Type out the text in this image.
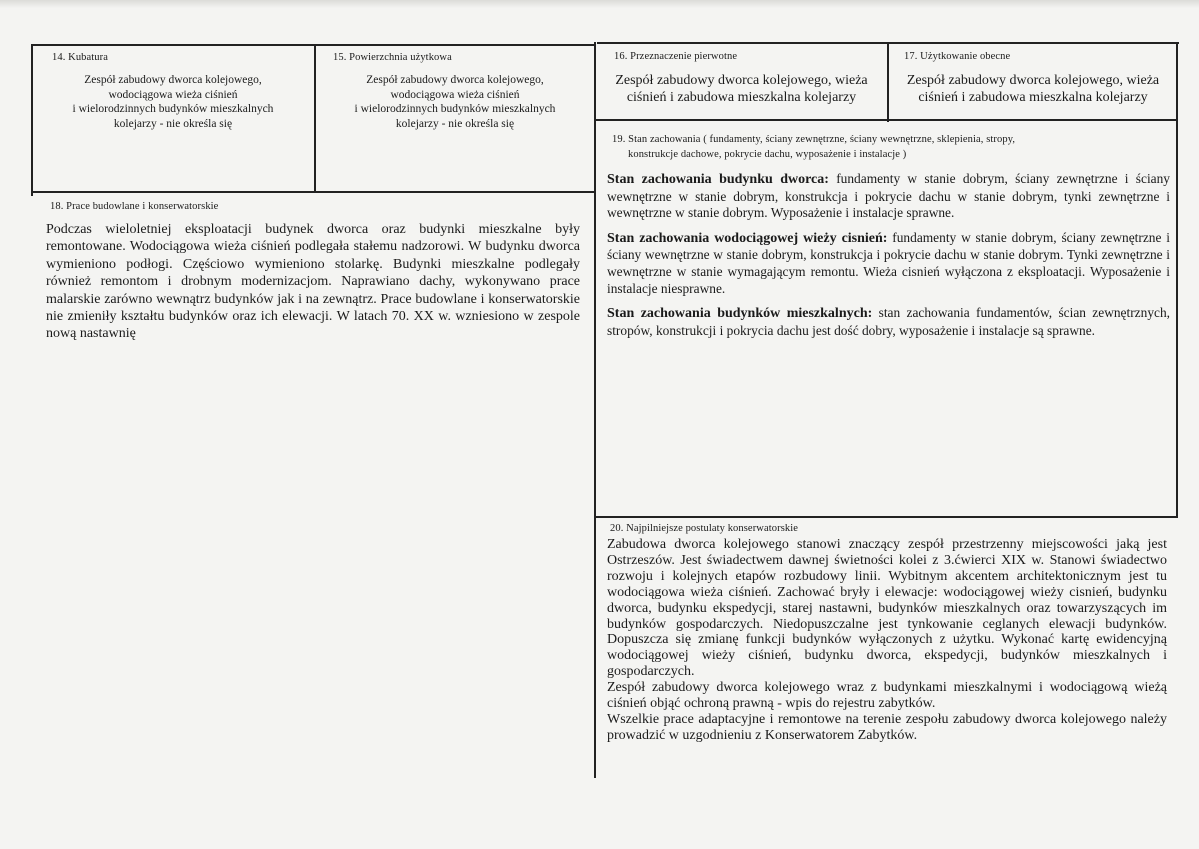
14. Kubatura
Zespół zabudowy dworca kolejowego,
wodociągowa wieża ciśnień
i wielorodzinnych budynków mieszkalnych
kolejarzy - nie określa się
15. Powierzchnia użytkowa
Zespół zabudowy dworca kolejowego,
wodociągowa wieża ciśnień
i wielorodzinnych budynków mieszkalnych
kolejarzy - nie określa się
16. Przeznaczenie pierwotne
Zespół zabudowy dworca kolejowego, wieża
ciśnień i zabudowa mieszkalna kolejarzy
17. Użytkowanie obecne
Zespół zabudowy dworca kolejowego, wieża
ciśnień i zabudowa mieszkalna kolejarzy
18. Prace budowlane i konserwatorskie
Podczas wieloletniej eksploatacji budynek dworca oraz budynki mieszkalne były remontowane. Wodociągowa wieża ciśnień podlegała stałemu nadzorowi. W budynku dworca wymieniono podłogi. Częściowo wymieniono stolarkę. Budynki mieszkalne podlegały również remontom i drobnym modernizacjom. Naprawiano dachy, wykonywano prace malarskie zarówno wewnątrz budynków jak i na zewnątrz. Prace budowlane i konserwatorskie nie zmieniły kształtu budynków oraz ich elewacji. W latach 70. XX w. wzniesiono w zespole nową nastawnię
19. Stan zachowania ( fundamenty, ściany zewnętrzne, ściany wewnętrzne, sklepienia, stropy,
konstrukcje dachowe, pokrycie dachu, wyposażenie i instalacje )

Stan zachowania budynku dworca: fundamenty w stanie dobrym, ściany zewnętrzne i ściany wewnętrzne w stanie dobrym, konstrukcja i pokrycie dachu w stanie dobrym, tynki zewnętrzne i wewnętrzne w stanie dobrym. Wyposażenie i instalacje sprawne.

Stan zachowania wodociągowej wieży cisnień: fundamenty w stanie dobrym, ściany zewnętrzne i ściany wewnętrzne w stanie dobrym, konstrukcja i pokrycie dachu w stanie dobrym. Tynki zewnętrzne i wewnętrzne w stanie wymagającym remontu. Wieża cisnień wyłączona z eksploatacji. Wyposażenie i instalacje niesprawne.

Stan zachowania budynków mieszkalnych: stan zachowania fundamentów, ścian zewnętrznych, stropów, konstrukcji i pokrycia dachu jest dość dobry, wyposażenie i instalacje są sprawne.

20. Najpilniejsze postulaty konserwatorskie

Zabudowa dworca kolejowego stanowi znaczący zespół przestrzenny miejscowości jaką jest Ostrzeszów. Jest świadectwem dawnej świetności kolei z 3.ćwierci XIX w. Stanowi świadectwo rozwoju i kolejnych etapów rozbudowy linii. Wybitnym akcentem architektonicznym jest tu wodociągowa wieża ciśnień. Zachować bryły i elewacje: wodociągowej wieży cisnień, budynku dworca, budynku ekspedycji, starej nastawni, budynków mieszkalnych oraz towarzyszących im budynków gospodarczych. Niedopuszczalne jest tynkowanie ceglanych elewacji budynków. Dopuszcza się zmianę funkcji budynków wyłączonych z użytku. Wykonać kartę ewidencyjną wodociągowej wieży ciśnień, budynku dworca, ekspedycji, budynków mieszkalnych i gospodarczych.

Zespół zabudowy dworca kolejowego wraz z budynkami mieszkalnymi i wodociągową wieżą ciśnień objąć ochroną prawną - wpis do rejestru zabytków.

Wszelkie prace adaptacyjne i remontowe na terenie zespołu zabudowy dworca kolejowego należy prowadzić w uzgodnieniu z Konserwatorem Zabytków.
